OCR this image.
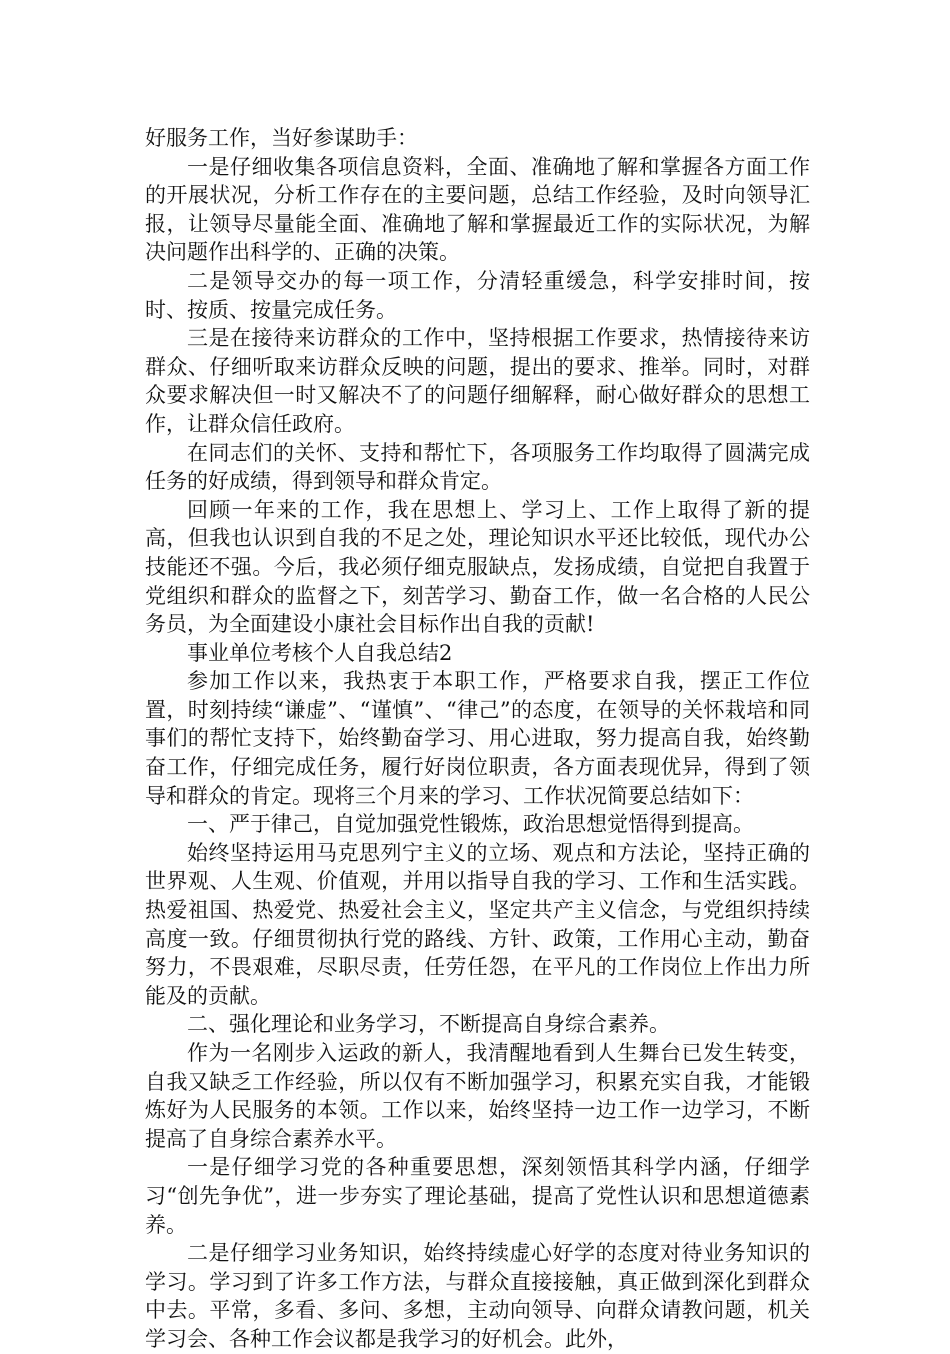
好服务工作，当好参谋助手：

一是仔细收集各项信息资料，全面、准确地了解和掌握各方面工作的开展状况，分析工作存在的主要问题，总结工作经验，及时向领导汇报，让领导尽量能全面、准确地了解和掌握最近工作的实际状况，为解决问题作出科学的、正确的决策。

二是领导交办的每一项工作，分清轻重缓急，科学安排时间，按时、按质、按量完成任务。

三是在接待来访群众的工作中，坚持根据工作要求，热情接待来访群众、仔细听取来访群众反映的问题，提出的要求、推举。同时，对群众要求解决但一时又解决不了的问题仔细解释，耐心做好群众的思想工作，让群众信任政府。

在同志们的关怀、支持和帮忙下，各项服务工作均取得了圆满完成任务的好成绩，得到领导和群众肯定。

回顾一年来的工作，我在思想上、学习上、工作上取得了新的提高，但我也认识到自我的不足之处，理论知识水平还比较低，现代办公技能还不强。今后，我必须仔细克服缺点，发扬成绩，自觉把自我置于党组织和群众的监督之下，刻苦学习、勤奋工作，做一名合格的人民公务员，为全面建设小康社会目标作出自我的贡献!

事业单位考核个人自我总结2

参加工作以来，我热衷于本职工作，严格要求自我，摆正工作位置，时刻持续“谦虚”、“谨慎”、“律己”的态度，在领导的关怀栽培和同事们的帮忙支持下，始终勤奋学习、用心进取，努力提高自我，始终勤奋工作，仔细完成任务，履行好岗位职责，各方面表现优异，得到了领导和群众的肯定。现将三个月来的学习、工作状况简要总结如下：

一、严于律己，自觉加强党性锻炼，政治思想觉悟得到提高。

始终坚持运用马克思列宁主义的立场、观点和方法论，坚持正确的世界观、人生观、价值观，并用以指导自我的学习、工作和生活实践。热爱祖国、热爱党、热爱社会主义，坚定共产主义信念，与党组织持续高度一致。仔细贯彻执行党的路线、方针、政策，工作用心主动，勤奋努力，不畏艰难，尽职尽责，任劳任怨，在平凡的工作岗位上作出力所能及的贡献。

二、强化理论和业务学习，不断提高自身综合素养。

作为一名刚步入运政的新人，我清醒地看到人生舞台已发生转变，自我又缺乏工作经验，所以仅有不断加强学习，积累充实自我，才能锻炼好为人民服务的本领。工作以来，始终坚持一边工作一边学习，不断提高了自身综合素养水平。

一是仔细学习党的各种重要思想，深刻领悟其科学内涵，仔细学习“创先争优”，进一步夯实了理论基础，提高了党性认识和思想道德素养。

二是仔细学习业务知识，始终持续虚心好学的态度对待业务知识的学习。学习到了许多工作方法，与群众直接接触，真正做到深化到群众中去。平常，多看、多问、多想，主动向领导、向群众请教问题，机关学习会、各种工作会议都是我学习的好机会。此外，
